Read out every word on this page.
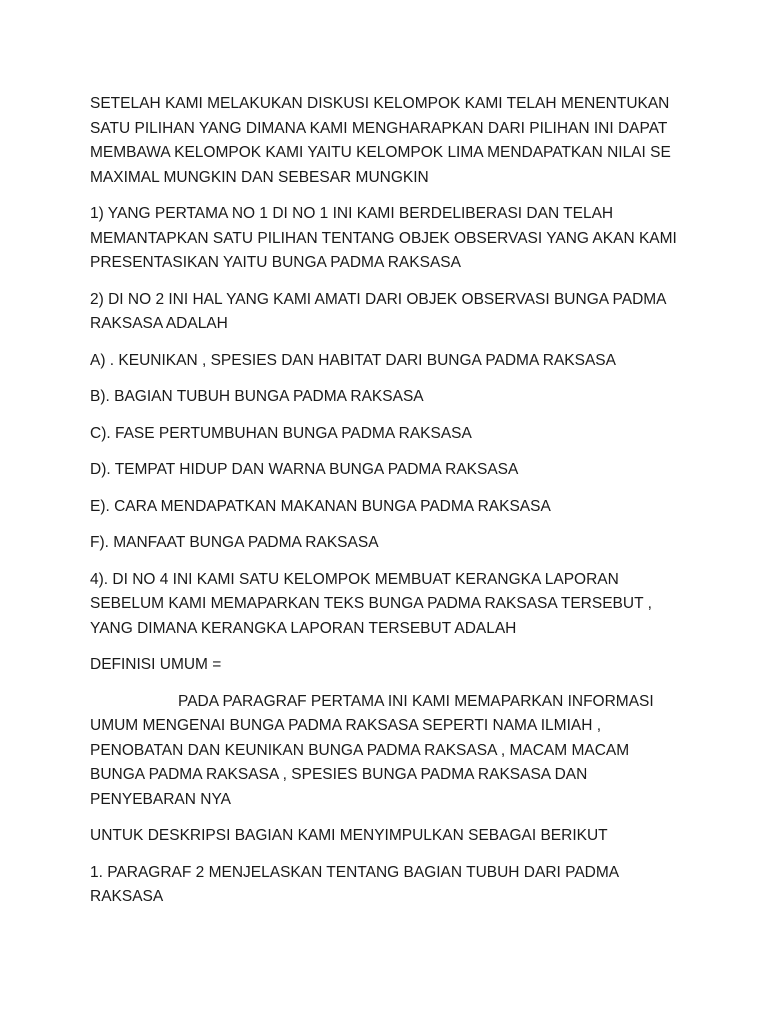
SETELAH KAMI MELAKUKAN DISKUSI KELOMPOK KAMI TELAH MENENTUKAN SATU PILIHAN YANG DIMANA KAMI MENGHARAPKAN DARI PILIHAN INI DAPAT MEMBAWA KELOMPOK KAMI YAITU KELOMPOK LIMA MENDAPATKAN NILAI SE MAXIMAL MUNGKIN DAN SEBESAR MUNGKIN

1) YANG PERTAMA NO 1 DI NO 1 INI KAMI BERDELIBERASI DAN TELAH MEMANTAPKAN SATU PILIHAN TENTANG OBJEK OBSERVASI YANG AKAN KAMI PRESENTASIKAN YAITU BUNGA PADMA RAKSASA

2) DI NO 2 INI HAL YANG KAMI AMATI DARI OBJEK OBSERVASI BUNGA PADMA RAKSASA ADALAH

A) . KEUNIKAN , SPESIES DAN HABITAT DARI BUNGA PADMA RAKSASA

B). BAGIAN TUBUH BUNGA PADMA RAKSASA

C). FASE PERTUMBUHAN BUNGA PADMA RAKSASA

D). TEMPAT HIDUP DAN WARNA BUNGA PADMA RAKSASA

E). CARA MENDAPATKAN MAKANAN BUNGA PADMA RAKSASA

F). MANFAAT BUNGA PADMA RAKSASA

4). DI NO 4 INI KAMI SATU KELOMPOK MEMBUAT KERANGKA LAPORAN SEBELUM KAMI MEMAPARKAN TEKS BUNGA PADMA RAKSASA TERSEBUT , YANG DIMANA KERANGKA LAPORAN TERSEBUT ADALAH

DEFINISI UMUM =

PADA PARAGRAF PERTAMA INI KAMI MEMAPARKAN INFORMASI UMUM MENGENAI BUNGA PADMA RAKSASA SEPERTI NAMA ILMIAH , PENOBATAN DAN KEUNIKAN BUNGA PADMA RAKSASA , MACAM MACAM BUNGA PADMA RAKSASA , SPESIES BUNGA PADMA RAKSASA DAN PENYEBARAN NYA

UNTUK DESKRIPSI BAGIAN KAMI MENYIMPULKAN SEBAGAI BERIKUT

1. PARAGRAF 2 MENJELASKAN TENTANG BAGIAN TUBUH DARI PADMA RAKSASA
